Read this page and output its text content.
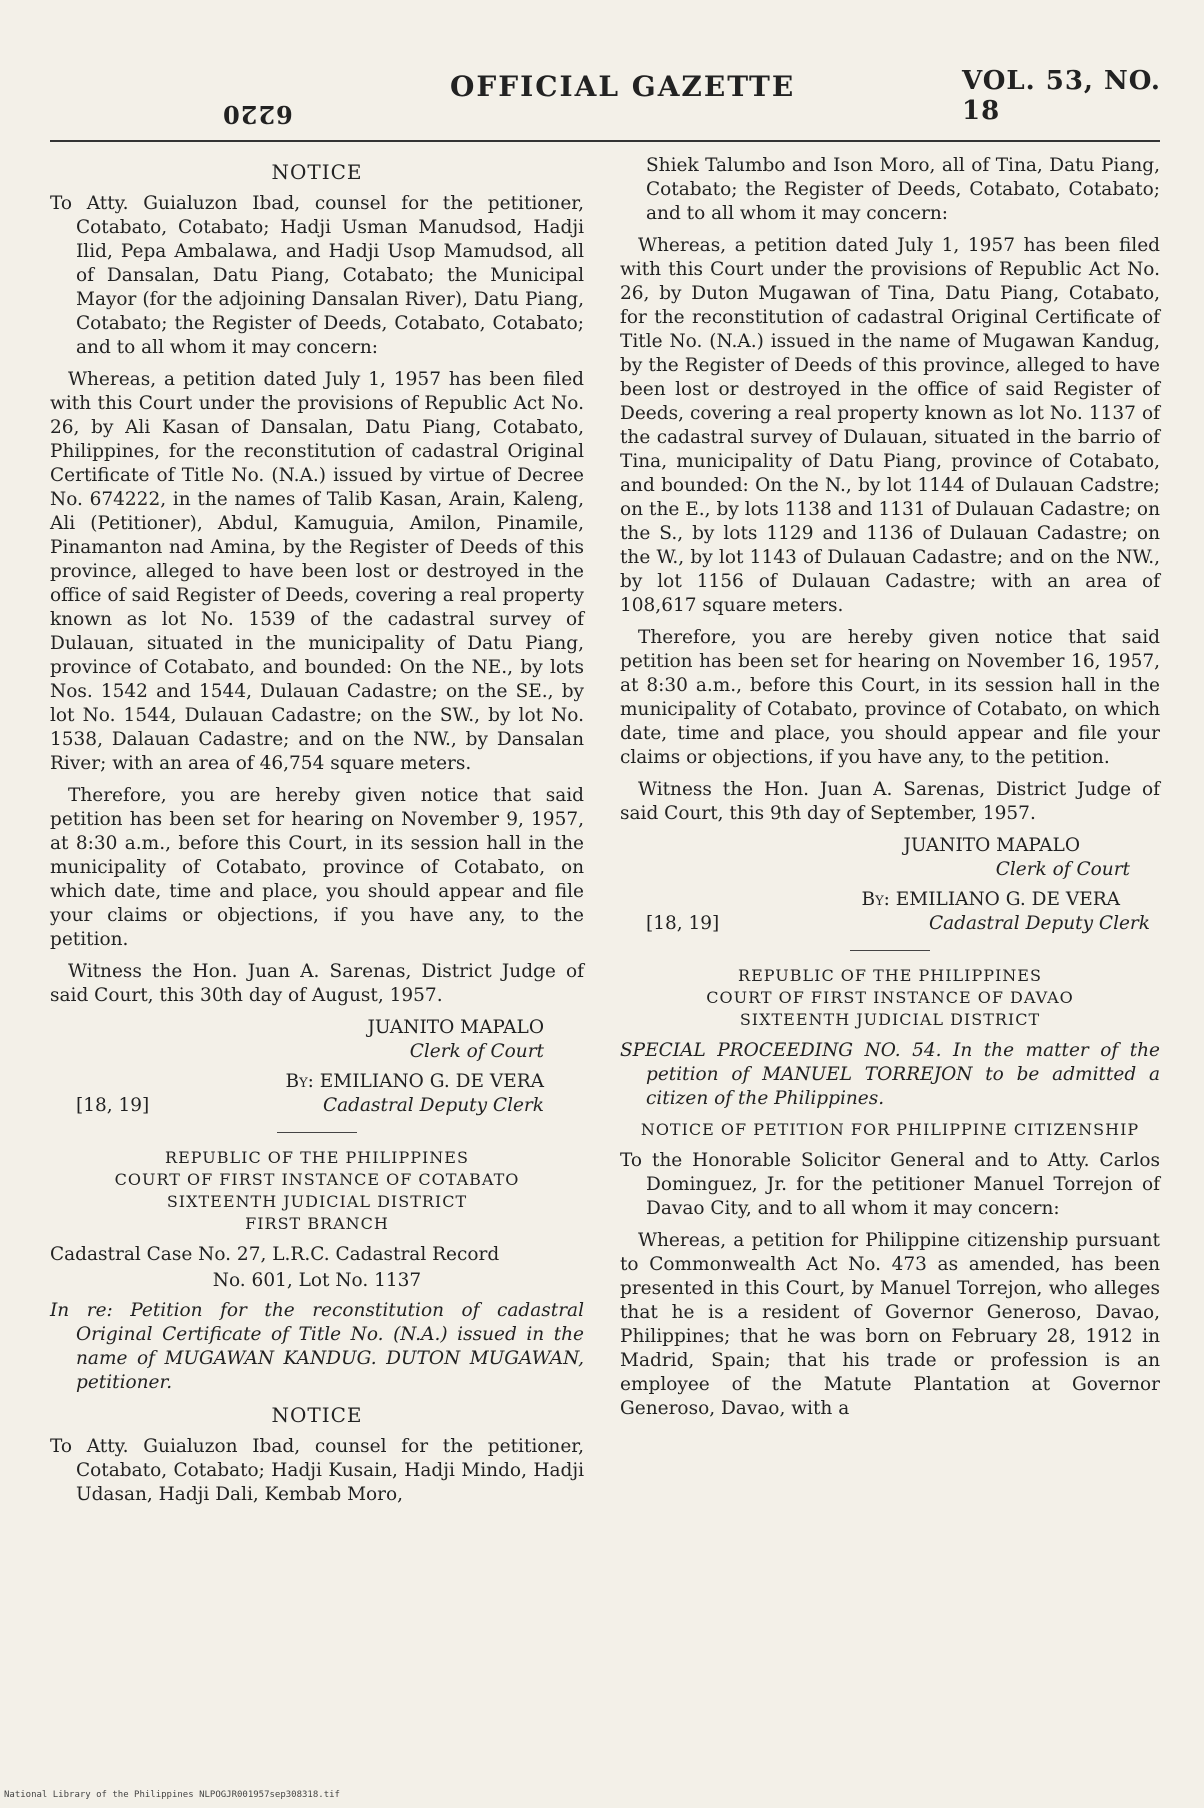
6220
OFFICIAL GAZETTE	VOL. 53, NO. 18
NOTICE

To Atty. Guialuzon Ibad, counsel for the petitioner, Cotabato, Cotabato; Hadji Usman Manudsod, Hadji Ilid, Pepa Ambalawa, and Hadji Usop Mamudsod, all of Dansalan, Datu Piang, Cotabato; the Municipal Mayor (for the adjoining Dansalan River), Datu Piang, Cotabato; the Register of Deeds, Cotabato, Cotabato; and to all whom it may concern:

Whereas, a petition dated July 1, 1957 has been filed with this Court under the provisions of Republic Act No. 26, by Ali Kasan of Dansalan, Datu Piang, Cotabato, Philippines, for the reconstitution of cadastral Original Certificate of Title No. (N.A.) issued by virtue of Decree No. 674222, in the names of Talib Kasan, Arain, Kaleng, Ali (Petitioner), Abdul, Kamuguia, Amilon, Pinamile, Pinamanton nad Amina, by the Register of Deeds of this province, alleged to have been lost or destroyed in the office of said Register of Deeds, covering a real property known as lot No. 1539 of the cadastral survey of Dulauan, situated in the municipality of Datu Piang, province of Cotabato, and bounded: On the NE., by lots Nos. 1542 and 1544, Dulauan Cadastre; on the SE., by lot No. 1544, Dulauan Cadastre; on the SW., by lot No. 1538, Dalauan Cadastre; and on the NW., by Dansalan River; with an area of 46,754 square meters.

Therefore, you are hereby given notice that said petition has been set for hearing on November 9, 1957, at 8:30 a.m., before this Court, in its session hall in the municipality of Cotabato, province of Cotabato, on which date, time and place, you should appear and file your claims or objections, if you have any, to the petition.

Witness the Hon. Juan A. Sarenas, District Judge of said Court, this 30th day of August, 1957.

JUANITO MAPALO

Clerk of Court

By: EMILIANO G. DE VERA

[18, 19]	Cadastral Deputy Clerk

REPUBLIC OF THE PHILIPPINES

COURT OF FIRST INSTANCE OF COTABATO

SIXTEENTH JUDICIAL DISTRICT

FIRST BRANCH

Cadastral Case No. 27, L.R.C. Cadastral Record

No. 601, Lot No. 1137

In re: Petition for the reconstitution of cadastral Original Certificate of Title No. (N.A.) issued in the name of MUGAWAN KANDUG. DUTON MUGAWAN, petitioner.

NOTICE

To Atty. Guialuzon Ibad, counsel for the petitioner, Cotabato, Cotabato; Hadji Kusain, Hadji Mindo, Hadji Udasan, Hadji Dali, Kembab Moro,

Shiek Talumbo and Ison Moro, all of Tina, Datu Piang, Cotabato; the Register of Deeds, Cotabato, Cotabato; and to all whom it may concern:

Whereas, a petition dated July 1, 1957 has been filed with this Court under the provisions of Republic Act No. 26, by Duton Mugawan of Tina, Datu Piang, Cotabato, for the reconstitution of cadastral Original Certificate of Title No. (N.A.) issued in the name of Mugawan Kandug, by the Register of Deeds of this province, alleged to have been lost or destroyed in the office of said Register of Deeds, covering a real property known as lot No. 1137 of the cadastral survey of Dulauan, situated in the barrio of Tina, municipality of Datu Piang, province of Cotabato, and bounded: On the N., by lot 1144 of Dulauan Cadstre; on the E., by lots 1138 and 1131 of Dulauan Cadastre; on the S., by lots 1129 and 1136 of Dulauan Cadastre; on the W., by lot 1143 of Dulauan Cadastre; and on the NW., by lot 1156 of Dulauan Cadastre; with an area of 108,617 square meters.

Therefore, you are hereby given notice that said petition has been set for hearing on November 16, 1957, at 8:30 a.m., before this Court, in its session hall in the municipality of Cotabato, province of Cotabato, on which date, time and place, you should appear and file your claims or objections, if you have any, to the petition.

Witness the Hon. Juan A. Sarenas, District Judge of said Court, this 9th day of September, 1957.

JUANITO MAPALO

Clerk of Court

By: EMILIANO G. DE VERA

[18, 19]	Cadastral Deputy Clerk

REPUBLIC OF THE PHILIPPINES

COURT OF FIRST INSTANCE OF DAVAO

SIXTEENTH JUDICIAL DISTRICT

SPECIAL PROCEEDING NO. 54. In the matter of the petition of MANUEL TORREJON to be admitted a citizen of the Philippines.

NOTICE OF PETITION FOR PHILIPPINE CITIZENSHIP

To the Honorable Solicitor General and to Atty. Carlos Dominguez, Jr. for the petitioner Manuel Torrejon of Davao City, and to all whom it may concern:

Whereas, a petition for Philippine citizenship pursuant to Commonwealth Act No. 473 as amended, has been presented in this Court, by Manuel Torrejon, who alleges that he is a resident of Governor Generoso, Davao, Philippines; that he was born on February 28, 1912 in Madrid, Spain; that his trade or profession is an employee of the Matute Plantation at Governor Generoso, Davao, with a

National Library of the Philippines NLPOGJR001957sep308318.tif
